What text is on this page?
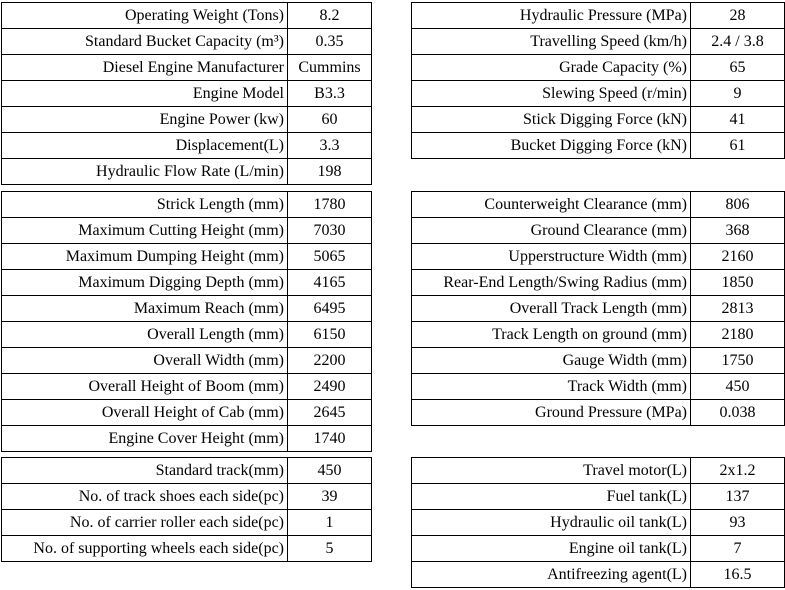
Operating Weight (Tons)	8.2
Standard Bucket Capacity (m³)	0.35
Diesel Engine Manufacturer	Cummins
Engine Model	B3.3
Engine Power (kw)	60
Displacement(L)	3.3
Hydraulic Flow Rate (L/min)	198
Hydraulic Pressure (MPa)	28
Travelling Speed (km/h)	2.4 / 3.8
Grade Capacity (%)	65
Slewing Speed (r/min)	9
Stick Digging Force (kN)	41
Bucket Digging Force (kN)	61
Strick Length (mm)	1780
Maximum Cutting Height (mm)	7030
Maximum Dumping Height (mm)	5065
Maximum Digging Depth (mm)	4165
Maximum Reach (mm)	6495
Overall Length (mm)	6150
Overall Width (mm)	2200
Overall Height of Boom (mm)	2490
Overall Height of Cab (mm)	2645
Engine Cover Height (mm)	1740
Counterweight Clearance (mm)	806
Ground Clearance (mm)	368
Upperstructure Width (mm)	2160
Rear-End Length/Swing Radius (mm)	1850
Overall Track Length (mm)	2813
Track Length on ground (mm)	2180
Gauge Width (mm)	1750
Track Width (mm)	450
Ground Pressure (MPa)	0.038
Standard track(mm)	450
No. of track shoes each side(pc)	39
No. of carrier roller each side(pc)	1
No. of supporting wheels each side(pc)	5
Travel motor(L)	2x1.2
Fuel tank(L)	137
Hydraulic oil tank(L)	93
Engine oil tank(L)	7
Antifreezing agent(L)	16.5
